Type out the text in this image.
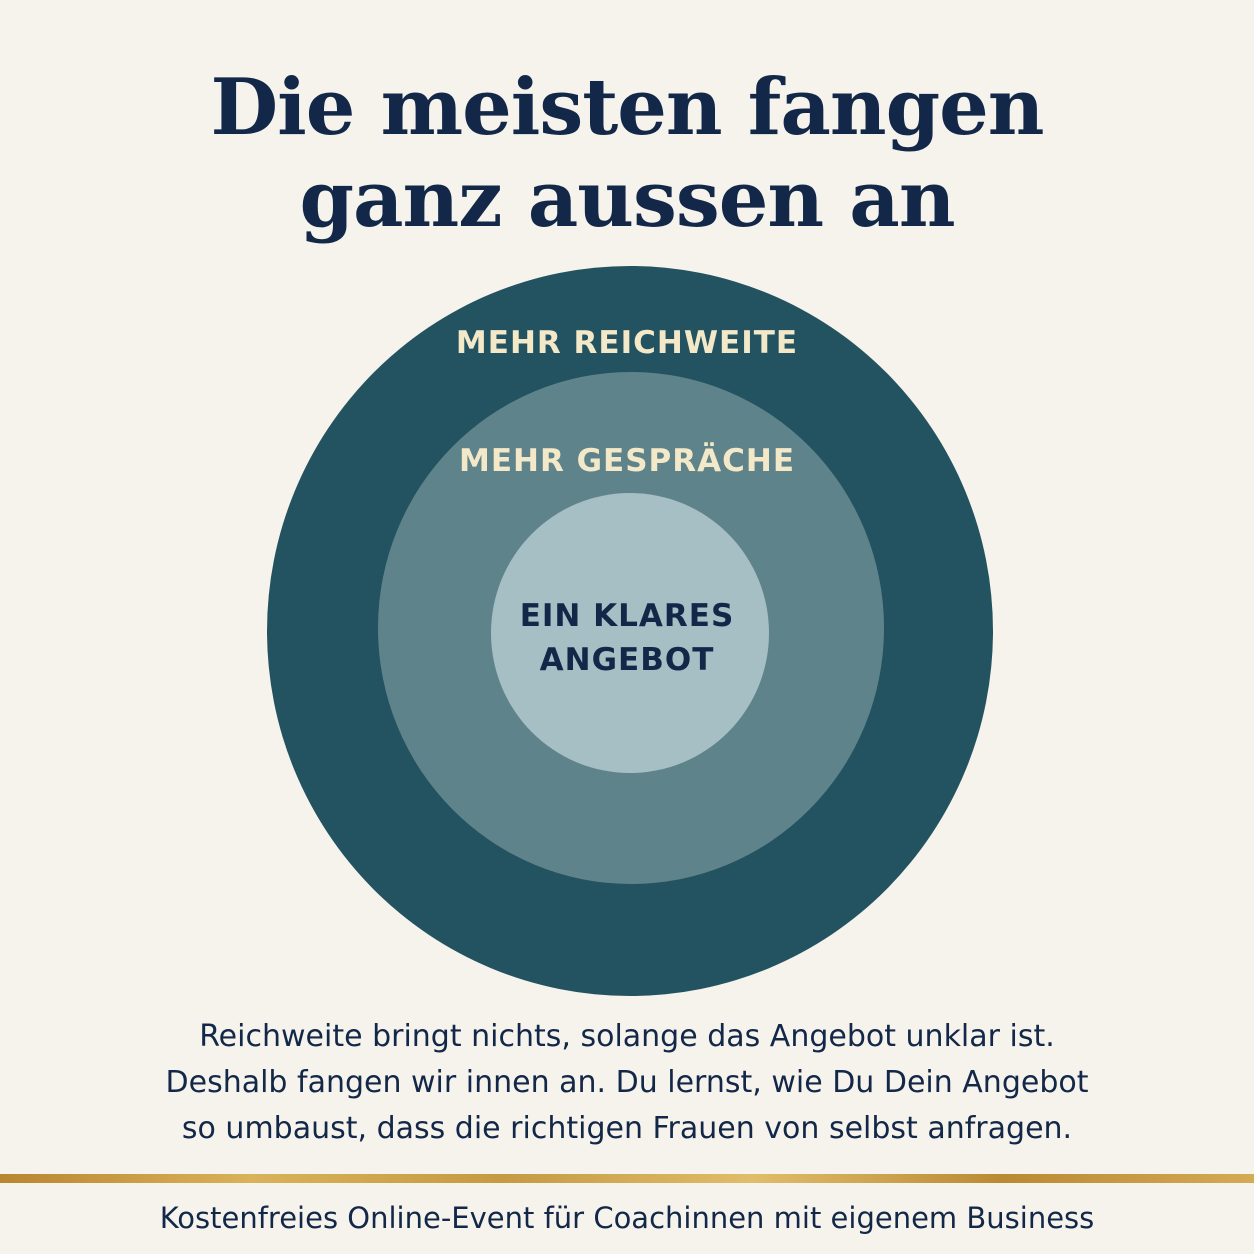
Die meisten fangen
ganz aussen an
MEHR REICHWEITE
MEHR GESPRÄCHE
EIN KLARES
ANGEBOT
Reichweite bringt nichts, solange das Angebot unklar ist.
Deshalb fangen wir innen an. Du lernst, wie Du Dein Angebot
so umbaust, dass die richtigen Frauen von selbst anfragen.
Kostenfreies Online-Event für Coachinnen mit eigenem Business
